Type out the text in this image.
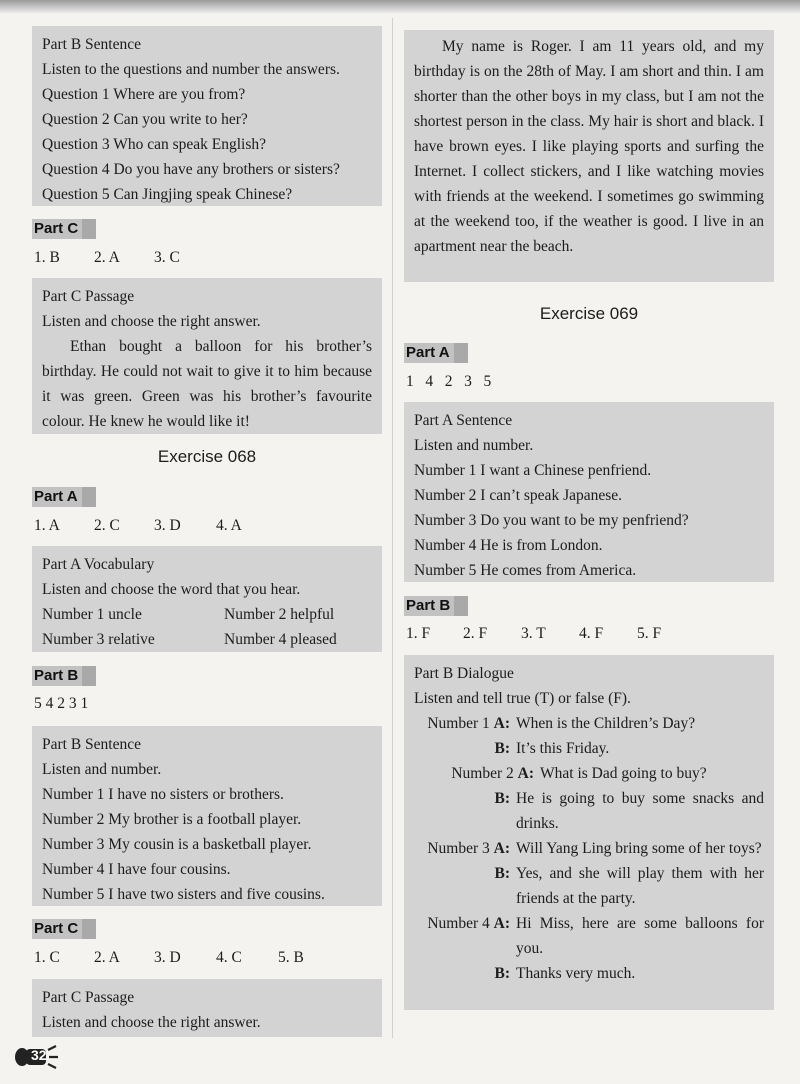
Part B Sentence
Listen to the questions and number the answers.
Question 1 Where are you from?
Question 2 Can you write to her?
Question 3 Who can speak English?
Question 4 Do you have any brothers or sisters?
Question 5 Can Jingjing speak Chinese?
Part C
1. B 2. A 3. C
Part C Passage
Listen and choose the right answer.
Ethan bought a balloon for his brother’s birthday. He could not wait to give it to him because it was green. Green was his brother’s favourite colour. He knew he would like it!
Exercise 068
Part A
1. A 2. C 3. D 4. A
Part A Vocabulary
Listen and choose the word that you hear.
Number 1 uncle	Number 2 helpful
Number 3 relative	Number 4 pleased
Part B
5 4 2 3 1
Part B Sentence
Listen and number.
Number 1 I have no sisters or brothers.
Number 2 My brother is a football player.
Number 3 My cousin is a basketball player.
Number 4 I have four cousins.
Number 5 I have two sisters and five cousins.
Part C
1. C 2. A 3. D 4. C 5. B
Part C Passage
Listen and choose the right answer.
32
My name is Roger. I am 11 years old, and my birthday is on the 28th of May. I am short and thin. I am shorter than the other boys in my class, but I am not the shortest person in the class. My hair is short and black. I have brown eyes. I like playing sports and surfing the Internet. I collect stickers, and I like watching movies with friends at the weekend. I sometimes go swimming at the weekend too, if the weather is good. I live in an apartment near the beach.
Exercise 069
Part A
1   4   2   3   5
Part A Sentence
Listen and number.
Number 1 I want a Chinese penfriend.
Number 2 I can’t speak Japanese.
Number 3 Do you want to be my penfriend?
Number 4 He is from London.
Number 5 He comes from America.
Part B
1. F 2. F 3. T 4. F 5. F
Part B Dialogue
Listen and tell true (T) or false (F).
Number 1 A: When is the Children’s Day?
B: It’s this Friday.
Number 2 A: What is Dad going to buy?
B: He is going to buy some snacks and drinks.
Number 3 A: Will Yang Ling bring some of her toys?
B: Yes, and she will play them with her friends at the party.
Number 4 A: Hi Miss, here are some balloons for you.
B: Thanks very much.
